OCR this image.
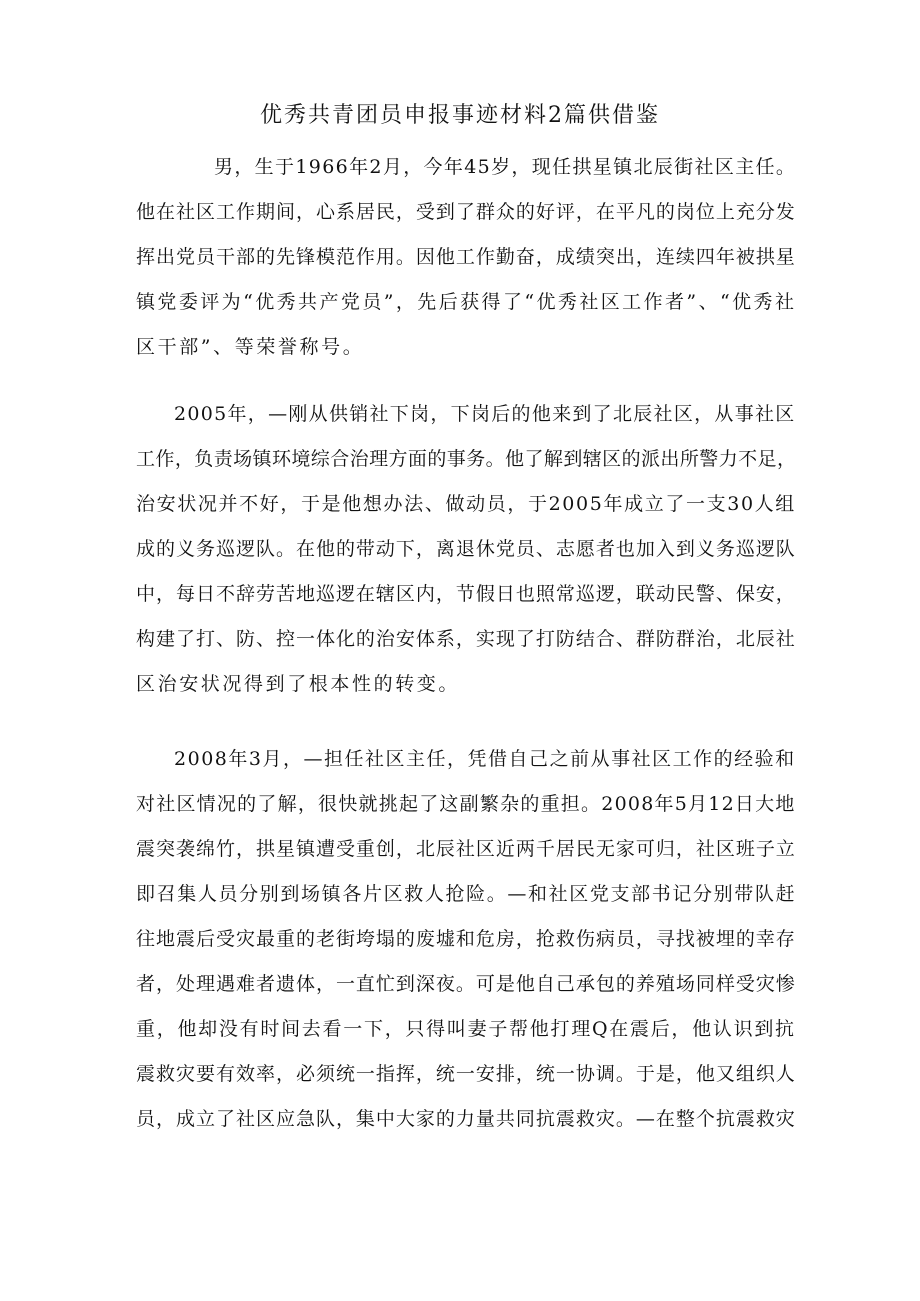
优秀共青团员申报事迹材料2篇供借鉴
男，生于1966年2月，今年45岁，现任拱星镇北辰街社区主任。
他在社区工作期间，心系居民，受到了群众的好评，在平凡的岗位上充分发
挥出党员干部的先锋模范作用。因他工作勤奋，成绩突出，连续四年被拱星
镇党委评为“优秀共产党员”，先后获得了“优秀社区工作者”、“优秀社
区干部”、等荣誉称号。
2005年，—刚从供销社下岗，下岗后的他来到了北辰社区，从事社区
工作，负责场镇环境综合治理方面的事务。他了解到辖区的派出所警力不足，
治安状况并不好，于是他想办法、做动员，于2005年成立了一支30人组
成的义务巡逻队。在他的带动下，离退休党员、志愿者也加入到义务巡逻队
中，每日不辞劳苦地巡逻在辖区内，节假日也照常巡逻，联动民警、保安，
构建了打、防、控一体化的治安体系，实现了打防结合、群防群治，北辰社
区治安状况得到了根本性的转变。
2008年3月，—担任社区主任，凭借自己之前从事社区工作的经验和
对社区情况的了解，很快就挑起了这副繁杂的重担。2008年5月12日大地
震突袭绵竹，拱星镇遭受重创，北辰社区近两千居民无家可归，社区班子立
即召集人员分别到场镇各片区救人抢险。—和社区党支部书记分别带队赶
往地震后受灾最重的老街垮塌的废墟和危房，抢救伤病员，寻找被埋的幸存
者，处理遇难者遗体，一直忙到深夜。可是他自己承包的养殖场同样受灾惨
重，他却没有时间去看一下，只得叫妻子帮他打理Q在震后，他认识到抗
震救灾要有效率，必须统一指挥，统一安排，统一协调。于是，他又组织人
员，成立了社区应急队，集中大家的力量共同抗震救灾。—在整个抗震救灾
